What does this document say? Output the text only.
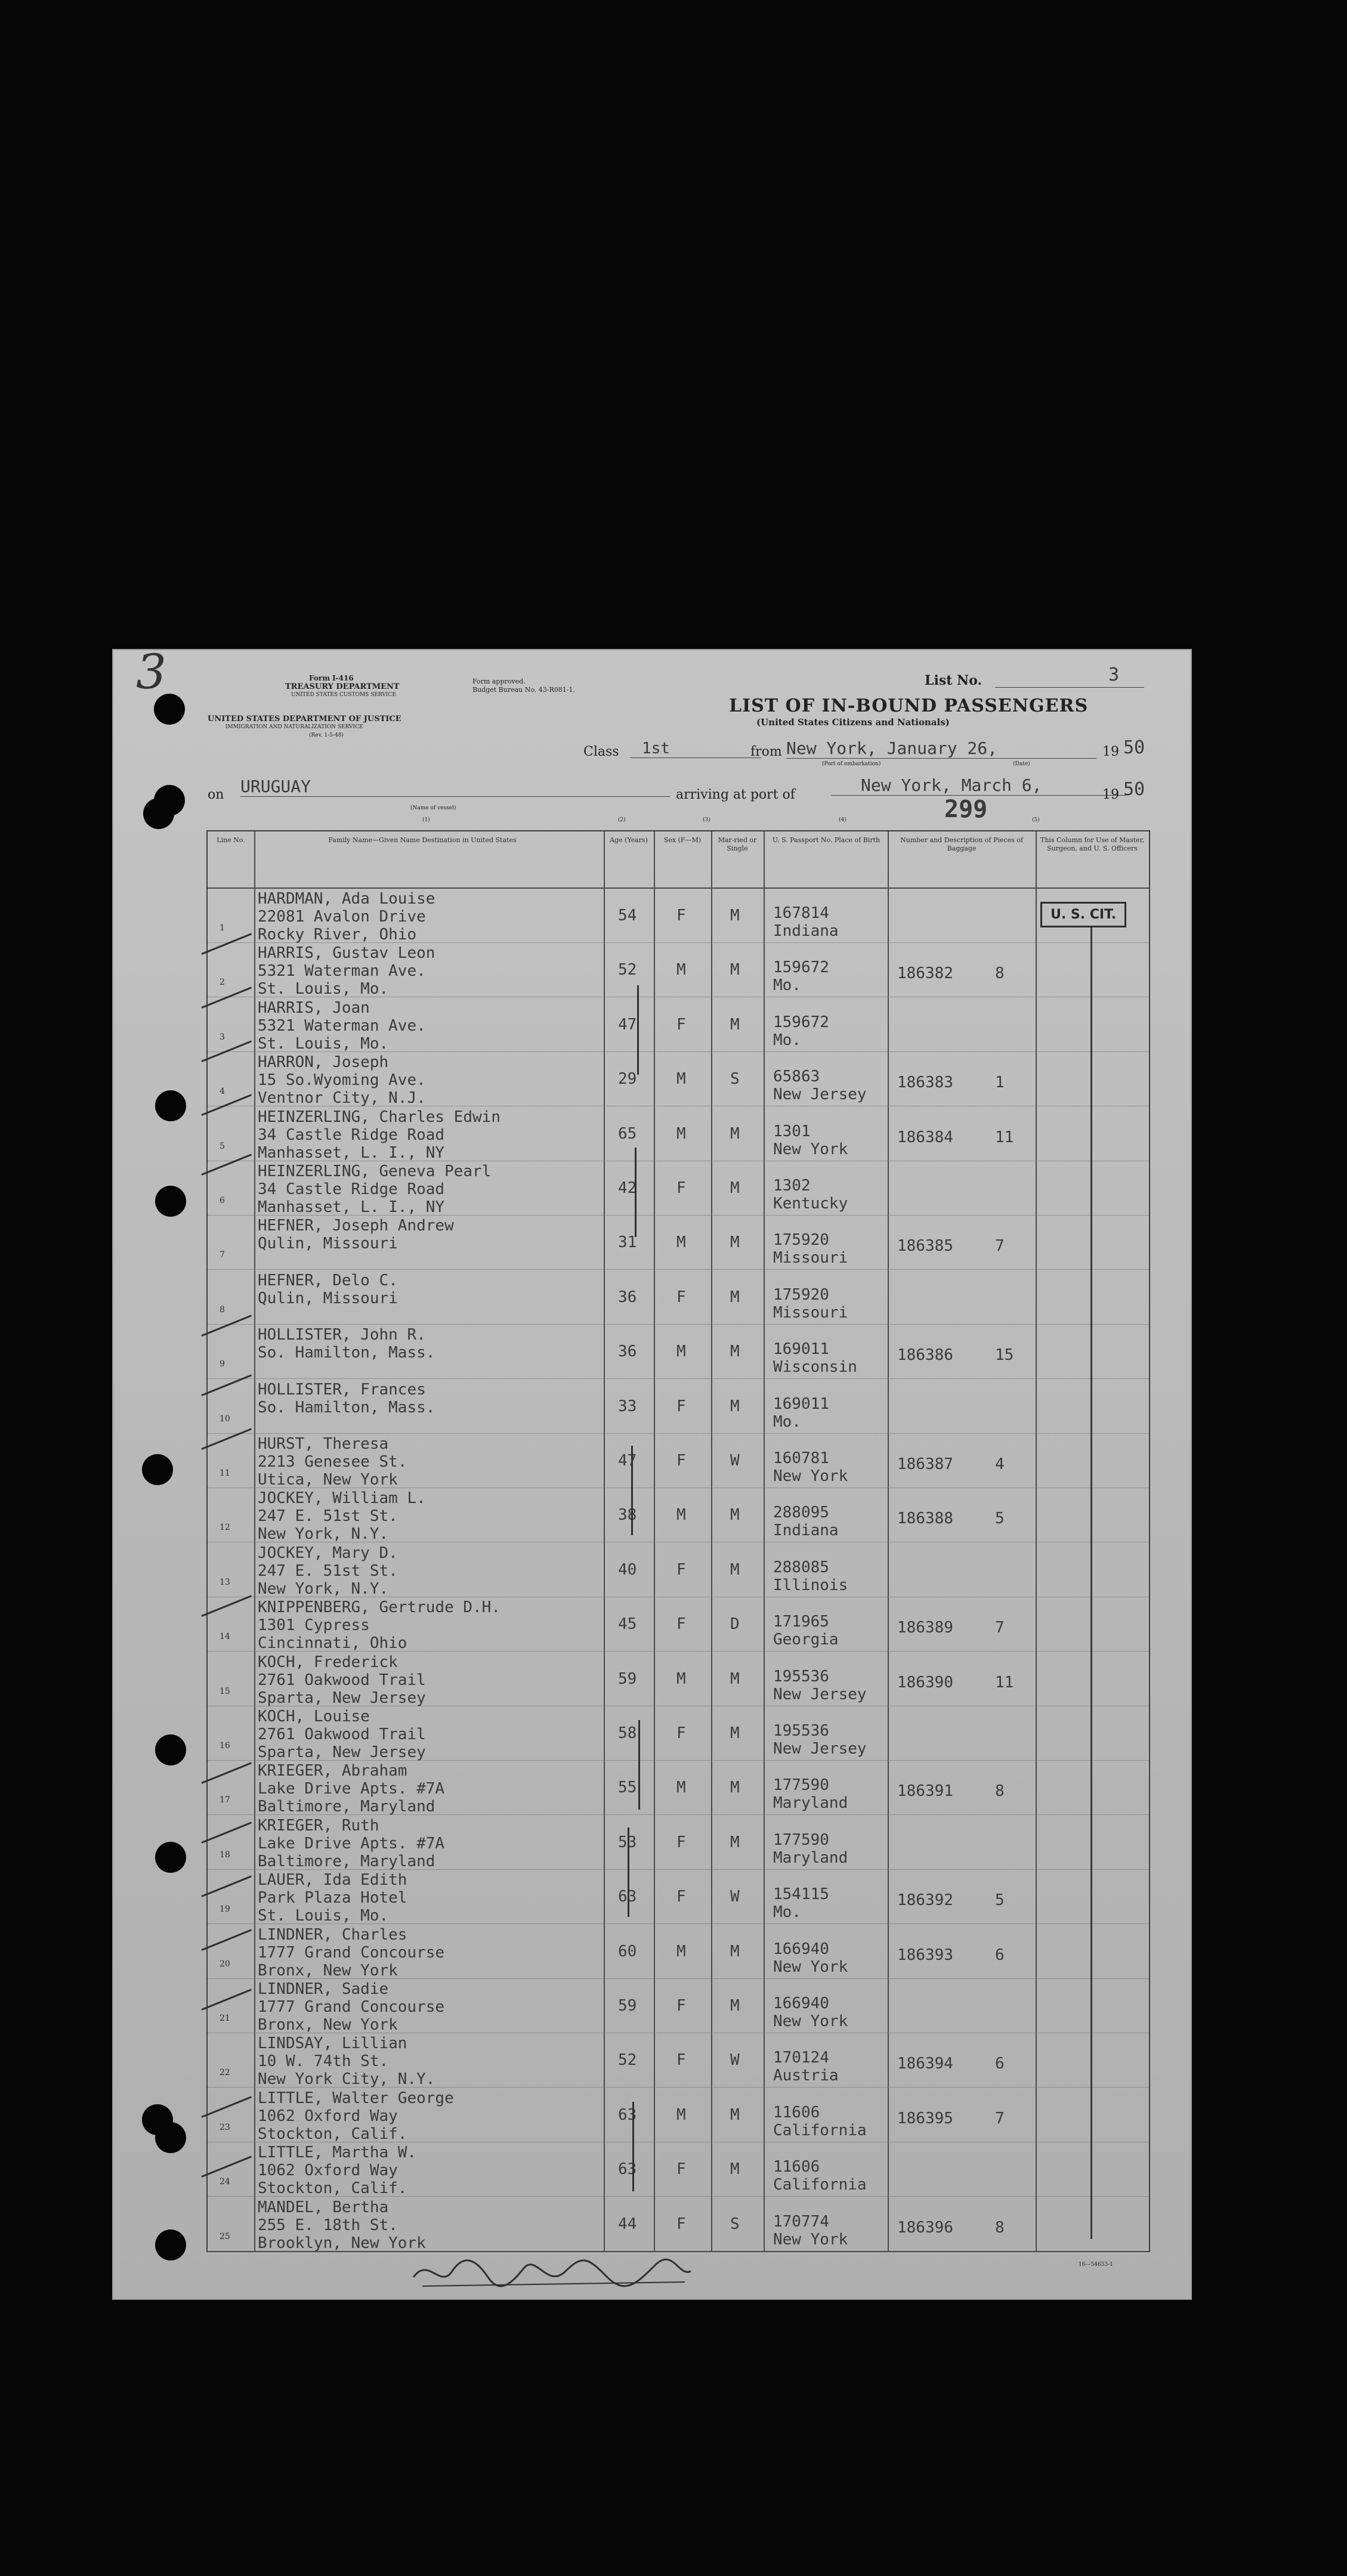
3	Form I-416
TREASURY DEPARTMENT
UNITED STATES CUSTOMS SERVICE
UNITED STATES DEPARTMENT OF JUSTICE
IMMIGRATION AND NATURALIZATION SERVICE
(Rev. 1-5-48)
Form approved.
Budget Bureau No. 43-R081-1.
List No.	3
LIST OF IN-BOUND PASSENGERS
(United States Citizens and Nationals)
Class	1st	from New York, January 26,	19 50
(Port of embarkation)	(Date)
on URUGUAY
(Name of vessel)
arriving at port of	New York, March 6,	19 50
299
(1)	(2)	(3)	(4)	(5)
Line No.	Family Name—Given Name Destination in United States	Age (Years)	Sex (F—M)	Mar-ried or Single
U. S. Passport No. Place of Birth	Number and Description of Pieces of Baggage
This Column for Use of Master, Surgeon, and U. S. Officers
1
HARDMAN, Ada Louise
22081 Avalon Drive
Rocky River, Ohio
54	F	M 167814
Indiana
2
HARRIS, Gustav Leon
5321 Waterman Ave.
St. Louis, Mo.
52	M	M 159672
Mo.
186382	8
3
HARRIS, Joan
5321 Waterman Ave.
St. Louis, Mo.
47	F	M 159672
Mo.
4
HARRON, Joseph
15 So.Wyoming Ave.
Ventnor City, N.J.
29	M	S 65863
New Jersey
186383	1
5
HEINZERLING, Charles Edwin
34 Castle Ridge Road
Manhasset, L. I., NY
65	M	M 1301
New York
186384	11
6
HEINZERLING, Geneva Pearl
34 Castle Ridge Road
Manhasset, L. I., NY
42	F	M 1302
Kentucky
7
HEFNER, Joseph Andrew
Qulin, Missouri	31	M	M 175920
Missouri
186385	7
8
HEFNER, Delo C.
Qulin, Missouri	36	F	M 175920
Missouri
9
HOLLISTER, John R.
So. Hamilton, Mass.	36	M	M 169011
Wisconsin
186386	15
10
HOLLISTER, Frances
So. Hamilton, Mass.	33	F	M 169011
Mo.
11
HURST, Theresa
2213 Genesee St.
Utica, New York
47	F	W 160781
New York
186387	4
12
JOCKEY, William L.
247 E. 51st St.
New York, N.Y.
38	M	M 288095
Indiana
186388	5
13
JOCKEY, Mary D.
247 E. 51st St.
New York, N.Y.
40	F	M 288085
Illinois
14
KNIPPENBERG, Gertrude D.H.
1301 Cypress
Cincinnati, Ohio
45	F	D 171965
Georgia
186389	7
15
KOCH, Frederick
2761 Oakwood Trail
Sparta, New Jersey
59	M	M 195536
New Jersey
186390	11
16
KOCH, Louise
2761 Oakwood Trail
Sparta, New Jersey
58	F	M 195536
New Jersey
17
KRIEGER, Abraham
Lake Drive Apts. #7A
Baltimore, Maryland
55	M	M 177590
Maryland
186391	8
18
KRIEGER, Ruth
Lake Drive Apts. #7A
Baltimore, Maryland
53	F	M 177590
Maryland
19
LAUER, Ida Edith
Park Plaza Hotel
St. Louis, Mo.
63	F	W 154115
Mo.
186392	5
20
LINDNER, Charles
1777 Grand Concourse
Bronx, New York
60	M	M 166940
New York
186393	6
21
LINDNER, Sadie
1777 Grand Concourse
Bronx, New York
59	F	M 166940
New York
22
LINDSAY, Lillian
10 W. 74th St.
New York City, N.Y.
52	F	W 170124
Austria
186394	6
23
LITTLE, Walter George
1062 Oxford Way
Stockton, Calif.
63	M	M 11606
California
186395	7
24
LITTLE, Martha W.
1062 Oxford Way
Stockton, Calif.
63	F	M 11606
California
25
MANDEL, Bertha
255 E. 18th St.
Brooklyn, New York
44	F	S 170774
New York
186396	8
U. S. CIT.
16—54653-1
